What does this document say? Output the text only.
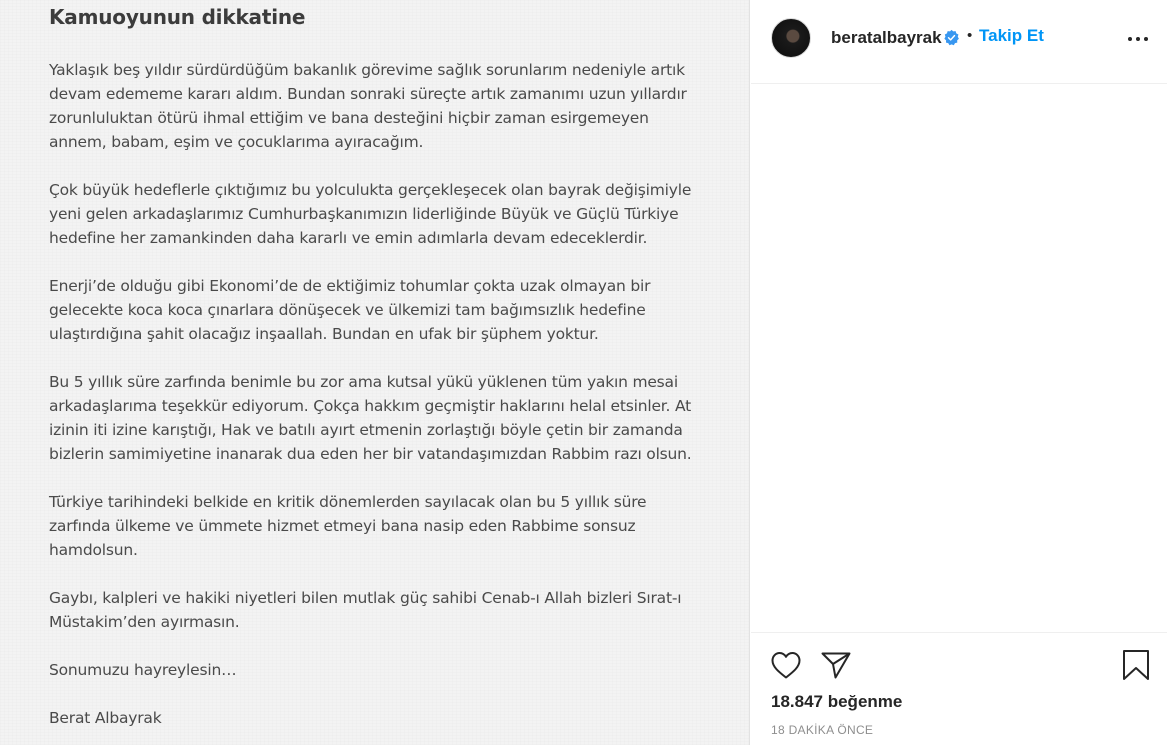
Kamuoyunun dikkatine

Yaklaşık beş yıldır sürdürdüğüm bakanlık görevime sağlık sorunlarım nedeniyle artık devam edememe kararı aldım. Bundan sonraki süreçte artık zamanımı uzun yıllardır zorunluluktan ötürü ihmal ettiğim ve bana desteğini hiçbir zaman esirgemeyen annem, babam, eşim ve çocuklarıma ayıracağım.

Çok büyük hedeflerle çıktığımız bu yolculukta gerçekleşecek olan bayrak değişimiyle yeni gelen arkadaşlarımız Cumhurbaşkanımızın liderliğinde Büyük ve Güçlü Türkiye hedefine her zamankinden daha kararlı ve emin adımlarla devam edeceklerdir.

Enerji’de olduğu gibi Ekonomi’de de ektiğimiz tohumlar çokta uzak olmayan bir gelecekte koca koca çınarlara dönüşecek ve ülkemizi tam bağımsızlık hedefine ulaştırdığına şahit olacağız inşaallah. Bundan en ufak bir şüphem yoktur.

Bu 5 yıllık süre zarfında benimle bu zor ama kutsal yükü yüklenen tüm yakın mesai arkadaşlarıma teşekkür ediyorum. Çokça hakkım geçmiştir haklarını helal etsinler. At izinin iti izine karıştığı, Hak ve batılı ayırt etmenin zorlaştığı böyle çetin bir zamanda bizlerin samimiyetine inanarak dua eden her bir vatandaşımızdan Rabbim razı olsun.

Türkiye tarihindeki belkide en kritik dönemlerden sayılacak olan bu 5 yıllık süre zarfında ülkeme ve ümmete hizmet etmeyi bana nasip eden Rabbime sonsuz hamdolsun.

Gaybı, kalpleri ve hakiki niyetleri bilen mutlak güç sahibi Cenab-ı Allah bizleri Sırat-ı Müstakim’den ayırmasın.

Sonumuzu hayreylesin…

Berat Albayrak

beratalbayrak • Takip Et
18.847 beğenme
18 DAKİKA ÖNCE
